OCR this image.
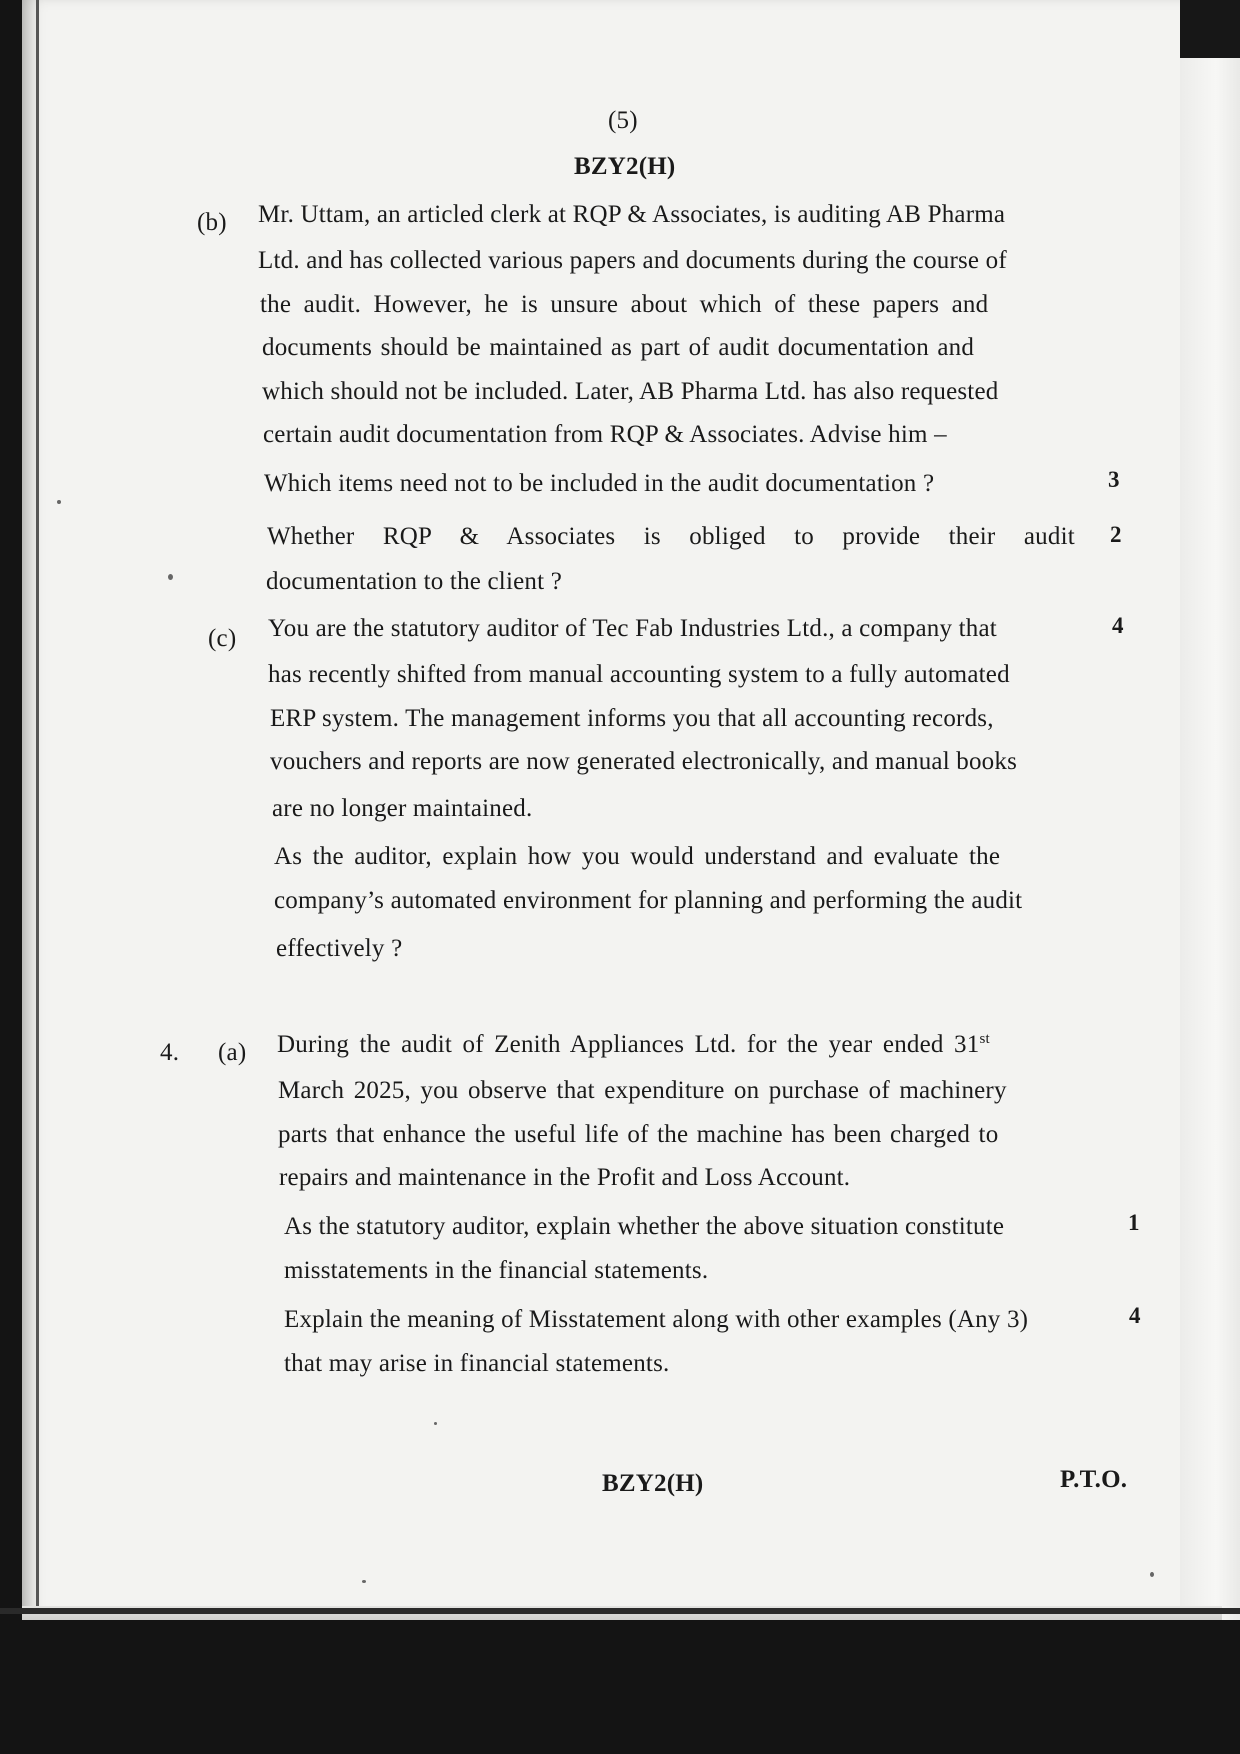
(5)
BZY2(H)
(b) Mr. Uttam, an articled clerk at RQP & Associates, is auditing AB Pharma
Ltd. and has collected various papers and documents during the course of
the audit. However, he is unsure about which of these papers and
documents should be maintained as part of audit documentation and
which should not be included. Later, AB Pharma Ltd. has also requested
certain audit documentation from RQP & Associates. Advise him –
Which items need not to be included in the audit documentation ?	3
Whether RQP & Associates is obliged to provide their audit 2
documentation to the client ?
(c)	4
You are the statutory auditor of Tec Fab Industries Ltd., a company that
has recently shifted from manual accounting system to a fully automated
ERP system. The management informs you that all accounting records,
vouchers and reports are now generated electronically, and manual books
are no longer maintained.
As the auditor, explain how you would understand and evaluate the
company’s automated environment for planning and performing the audit
effectively ?
4. (a) During the audit of Zenith Appliances Ltd. for the year ended 31st
March 2025, you observe that expenditure on purchase of machinery
parts that enhance the useful life of the machine has been charged to
repairs and maintenance in the Profit and Loss Account.
As the statutory auditor, explain whether the above situation constitute	1
misstatements in the financial statements.
Explain the meaning of Misstatement along with other examples (Any 3)	4
that may arise in financial statements.
BZY2(H)	P.T.O.
